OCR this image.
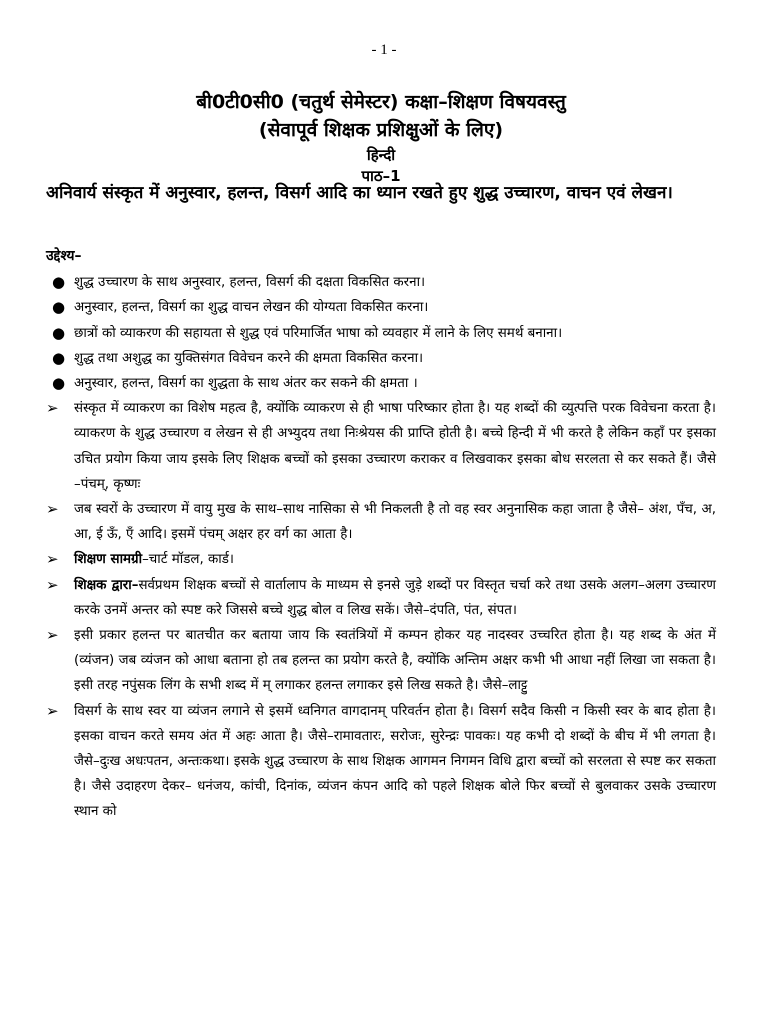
- 1 -
बी0टी0सी0 (चतुर्थ सेमेस्टर) कक्षा–शिक्षण विषयवस्तु
(सेवापूर्व शिक्षक प्रशिक्षुओं के लिए)
हिन्दी
पाठ–1
अनिवार्य संस्कृत में अनुस्वार, हलन्त, विसर्ग आदि का ध्यान रखते हुए शुद्ध उच्चारण, वाचन एवं लेखन।
उद्देश्य–
● शुद्ध उच्चारण के साथ अनुस्वार, हलन्त, विसर्ग की दक्षता विकसित करना।
● अनुस्वार, हलन्त, विसर्ग का शुद्ध वाचन लेखन की योग्यता विकसित करना।
● छात्रों को व्याकरण की सहायता से शुद्ध एवं परिमार्जित भाषा को व्यवहार में लाने के लिए समर्थ बनाना।
● शुद्ध तथा अशुद्ध का युक्तिसंगत विवेचन करने की क्षमता विकसित करना।
● अनुस्वार, हलन्त, विसर्ग का शुद्धता के साथ अंतर कर सकने की क्षमता ।
➢ संस्कृत में व्याकरण का विशेष महत्व है, क्योंकि व्याकरण से ही भाषा परिष्कार होता है। यह शब्दों की व्युत्पत्ति परक विवेचना करता है। व्याकरण के शुद्ध उच्चारण व लेखन से ही अभ्युदय तथा निःश्रेयस की प्राप्ति होती है। बच्चे हिन्दी में भी करते है लेकिन कहाँ पर इसका उचित प्रयोग किया जाय इसके लिए शिक्षक बच्चों को इसका उच्चारण कराकर व लिखवाकर इसका बोध सरलता से कर सकते हैं। जैसे –पंचम्, कृष्णः
➢ जब स्वरों के उच्चारण में वायु मुख के साथ–साथ नासिका से भी निकलती है तो वह स्वर अनुनासिक कहा जाता है जैसे– अंश, पँच, अ, आ, ई ऊँ, एँ आदि। इसमें पंचम् अक्षर हर वर्ग का आता है।
➢ शिक्षण सामग्री–चार्ट मॉडल, कार्ड।
➢ शिक्षक द्वारा–सर्वप्रथम शिक्षक बच्चों से वार्तालाप के माध्यम से इनसे जुड़े शब्दों पर विस्तृत चर्चा करे तथा उसके अलग–अलग उच्चारण करके उनमें अन्तर को स्पष्ट करे जिससे बच्चे शुद्ध बोल व लिख सकें। जैसे–दंपति, पंत, संपत।
➢ इसी प्रकार हलन्त पर बातचीत कर बताया जाय कि स्वतंत्रियों में कम्पन होकर यह नादस्वर उच्चरित होता है। यह शब्द के अंत में (व्यंजन) जब व्यंजन को आधा बताना हो तब हलन्त का प्रयोग करते है, क्योंकि अन्तिम अक्षर कभी भी आधा नहीं लिखा जा सकता है। इसी तरह नपुंसक लिंग के सभी शब्द में म् लगाकर हलन्त लगाकर इसे लिख सकते है। जैसे–लाट्टु
➢ विसर्ग के साथ स्वर या व्यंजन लगाने से इसमें ध्वनिगत वागदानम् परिवर्तन होता है। विसर्ग सदैव किसी न किसी स्वर के बाद होता है। इसका वाचन करते समय अंत में अहः आता है। जैसे–रामावतारः, सरोजः, सुरेन्द्रः पावकः। यह कभी दो शब्दों के बीच में भी लगता है। जैसे–दुःख अधःपतन, अन्तःकथा। इसके शुद्ध उच्चारण के साथ शिक्षक आगमन निगमन विधि द्वारा बच्चों को सरलता से स्पष्ट कर सकता है। जैसे उदाहरण देकर– धनंजय, कांची, दिनांक, व्यंजन कंपन आदि को पहले शिक्षक बोले फिर बच्चों से बुलवाकर उसके उच्चारण स्थान को
